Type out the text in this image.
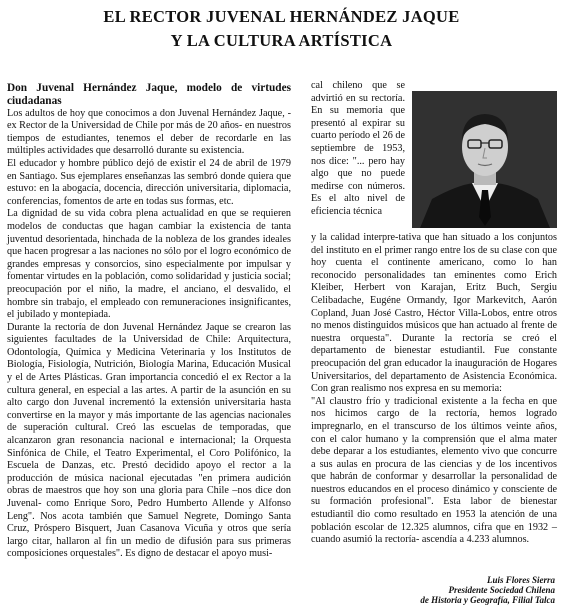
EL RECTOR JUVENAL HERNÁNDEZ JAQUE
Y LA CULTURA ARTÍSTICA
Don Juvenal Hernández Jaque, modelo de virtudes ciudadanas

Los adultos de hoy que conocimos a don Juvenal Hernández Jaque, -ex Rector de la Universidad de Chile por más de 20 años- en nuestros tiempos de estudiantes, tenemos el deber de recordarle en las múltiples actividades que desarrolló durante su existencia.

El educador y hombre público dejó de existir el 24 de abril de 1979 en Santiago. Sus ejemplares enseñanzas las sembró donde quiera que estuvo: en la abogacía, docencia, dirección universitaria, diplomacia, conferencias, fomentos de arte en todas sus formas, etc.

La dignidad de su vida cobra plena actualidad en que se requieren modelos de conductas que hagan cambiar la existencia de tanta juventud desorientada, hinchada de la nobleza de los grandes ideales que hacen progresar a las naciones no sólo por el logro económico de grandes empresas y consorcios, sino especialmente por impulsar y fomentar virtudes en la población, como solidaridad y justicia social; preocupación por el niño, la madre, el anciano, el desvalido, el hombre sin trabajo, el empleado con remuneraciones insignificantes, el jubilado y montepiada.

Durante la rectoría de don Juvenal Hernández Jaque se crearon las siguientes facultades de la Universidad de Chile: Arquitectura, Odontología, Química y Medicina Veterinaria y los Institutos de Biología, Fisiología, Nutrición, Biología Marina, Educación Musical y el de Artes Plásticas. Gran importancia concedió el ex Rector a la cultura general, en especial a las artes. A partir de la asunción en su alto cargo don Juvenal incrementó la extensión universitaria hasta convertirse en la mayor y más importante de las agencias nacionales de superación cultural. Creó las escuelas de temporadas, que alcanzaron gran resonancia nacional e internacional; la Orquesta Sinfónica de Chile, el Teatro Experimental, el Coro Polifónico, la Escuela de Danzas, etc. Prestó decidido apoyo el rector a la producción de música nacional ejecutadas "en primera audición obras de maestros que hoy son una gloria para Chile –nos dice don Juvenal- como Enrique Soro, Pedro Humberto Allende y Alfonso Leng". Nos acota también que Samuel Negrete, Domingo Santa Cruz, Próspero Bisquert, Juan Casanova Vicuña y otros que sería largo citar, hallaron al fin un medio de difusión para sus primeras composiciones orquestales". Es digno de destacar el apoyo musi-

cal chileno que se advirtió en su rectoría. En su memoria que presentó al expirar su cuarto período el 26 de septiembre de 1953, nos dice: "... pero hay algo que no puede medirse con números. Es el alto nivel de eficiencia técnica

y la calidad interpre-tativa que han situado a los conjuntos del instituto en el primer rango entre los de su clase con que hoy cuenta el continente americano, como lo han reconocido personalidades tan eminentes como Erich Kleiber, Herbert von Karajan, Eritz Buch, Sergiu Celibadache, Eugéne Ormandy, Igor Markevitch, Aarón Copland, Juan José Castro, Héctor Villa-Lobos, entre otros no menos distinguidos músicos que han actuado al frente de nuestra orquesta". Durante la rectoría se creó el departamento de bienestar estudiantil. Fue constante preocupación del gran educador la inauguración de Hogares Universitarios, del departamento de Asistencia Económica. Con gran realismo nos expresa en su memoria:

"Al claustro frío y tradicional existente a la fecha en que nos hicimos cargo de la rectoría, hemos logrado impregnarlo, en el transcurso de los últimos veinte años, con el calor humano y la comprensión que el alma mater debe deparar a los estudiantes, elemento vivo que concurre a sus aulas en procura de las ciencias y de los incentivos que habrán de conformar y desarrollar la personalidad de nuestros educandos en el proceso dinámico y consciente de su formación profesional". Esta labor de bienestar estudiantil dio como resultado en 1953 la atención de una población escolar de 12.325 alumnos, cifra que en 1932 –cuando asumió la rectoría- ascendía a 4.233 alumnos.

Luis Flores Sierra
Presidente Sociedad Chilena
de Historia y Geografía, Filial Talca
